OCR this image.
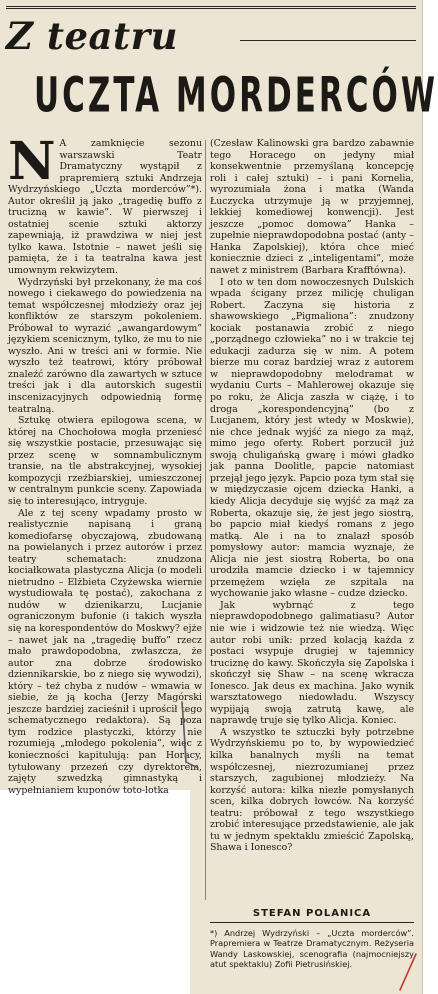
Z teatru
UCZTA MORDERCÓW

N A zamknięcie sezonu warszawski Teatr Dramatyczny wystąpił z prapremierą sztuki Andrzeja Wydrzyńskiego „Uczta morderców”*). Autor określił ją jako „tragedię buffo z trucizną w kawie”. W pierwszej i ostatniej scenie sztuki aktorzy zapewniają, iż prawdziwa w niej jest tylko kawa. Istotnie – nawet jeśli się pamięta, że i ta teatralna kawa jest umownym rekwizytem.

Wydrzyński był przekonany, że ma coś nowego i ciekawego do powiedzenia na temat współczesnej młodzieży oraz jej konfliktów ze starszym pokoleniem. Próbował to wyrazić „awangardowym” językiem scenicznym, tylko, że mu to nie wyszło. Ani w treści ani w formie. Nie wyszło też teatrowi, który próbował znaleźć zarówno dla zawartych w sztuce treści jak i dla autorskich sugestii inscenizacyjnych odpowiednią formę teatralną.

Sztukę otwiera epilogowa scena, w której na Chochołowa mogła przeniesć się wszystkie postacie, przesuwając się przez scenę w somnambulicznym transie, na tle abstrakcyjnej, wysokiej kompozycji rzeźbiarskiej, umieszczonej w centralnym punkcie sceny. Zapowiada się to interesująco, intryguje.

Ale z tej sceny wpadamy prosto w realistycznie napisaną i graną komediofarsę obyczajową, zbudowaną na powielanych i przez autorów i przez teatry schematach: znudzona kociałkowata plastyczna Alicja (o modeli nietrudno – Elżbieta Czyżewska wiernie wystudiowała tę postać), zakochana z nudów w dzienikarzu, Lucjanie ograniczonym bufonie (i takich wyszła się na korespondentów do Moskwy? ejże – nawet jak na „tragedię buffo” rzecz mało prawdopodobna, zwłaszcza, że autor zna dobrze środowisko dziennikarskie, bo z niego się wywodzi), który – też chyba z nudów – wmawia w siebie, że ją kocha (Jerzy Magórski jeszcze bardziej zacieśnił i uprościł tego schematycznego redaktora). Są poza tym rodzice plastyczki, którzy nie rozumieją „młodego pokolenia”, więc z konieczności kapitulują: pan Horacy, tytułowany przezeń czy dyrektorem, zajęty szwedzką gimnastyką i wypełnianiem kuponów toto-lotka

(Czesław Kalinowski gra bardzo zabawnie tego Horacego on jedyny miał konsekwentnie przemyślaną koncepcję roli i całej sztuki) – i pani Kornelia, wyrozumiała żona i matka (Wanda Łuczycka utrzymuje ją w przyjemnej, lekkiej komediowej konwencji). Jest jeszcze „pomoc domowa” Hanka – zupełnie nieprawdopodobna postać (anty – Hanka Zapolskiej), która chce mieć koniecznie dzieci z „inteligentami”, może nawet z ministrem (Barbara Krafftówna).

I oto w ten dom nowoczesnych Dulskich wpada ścigany przez milicję chuligan Robert. Zaczyna się historia z shawowskiego „Pigmaliona”: znudzony kociak postanawia zrobić z niego „porządnego człowieka” no i w trakcie tej edukacji zadurza się w nim. A potem bierze mu coraz bardziej wraz z autorem w nieprawdopodobny melodramat w wydaniu Curts – Mahlerowej okazuje się po roku, że Alicja zaszła w ciążę, i to droga „korespondencyjną” (bo z Lucjanem, który jest wtedy w Moskwie), nie chce jednak wyjść za niego za mąż, mimo jego oferty. Robert porzucił już swoją chuligańską gwarę i mówi gładko jak panna Doolitle, papcie natomiast przejął jego język. Papcio poza tym stał się w międzyczasie ojcem dziecka Hanki, a kiedy Alicja decyduje się wyjść za mąż za Roberta, okazuje się, że jest jego siostrą, bo papcio miał kiedyś romans z jego matką. Ale i na to znalazł sposób pomysłowy autor: mamcia wyznaje, że Alicja nie jest siostrą Roberta, bo ona urodziła mamcie dziecko i w tajemnicy przemężem wzięła ze szpitala na wychowanie jako własne – cudze dziecko.

Jak wybrnąć z tego nieprawdopodobnego galimatiasu? Autor nie wie i widzowie też nie wiedzą. Więc autor robi unik: przed kolacją każda z postaci wsypuje drugiej w tajemnicy truciznę do kawy. Skończyła się Zapolska i skończył się Shaw – na scenę wkracza Ionesco. Jak deus ex machina. Jako wynik warsztatowego niedowładu. Wszyscy wypijają swoją zatrutą kawę, ale naprawdę truje się tylko Alicja. Koniec.

A wszystko te sztuczki były potrzebne Wydrzyńskiemu po to, by wypowiedzieć kilka banalnych myśli na temat współczesnej, niezrozumianej przez starszych, zagubionej młodzieży. Na korzyść autora: kilka niezłe pomysłanych scen, kilka dobrych łowców. Na korzyść teatru: próbował z tego wszystkiego zrobić interesujące przedstawienie, ale jak tu w jednym spektaklu zmieścić Zapolską, Shawa i Ionesco?

STEFAN POLANICA
*) Andrzej Wydrzyński – „Uczta morderców”. Prapremiera w Teatrze Dramatycznym. Reżyseria Wandy Laskowskiej, scenografia (najmocniejszy atut spektaklu) Zofii Pietrusińskiej.
